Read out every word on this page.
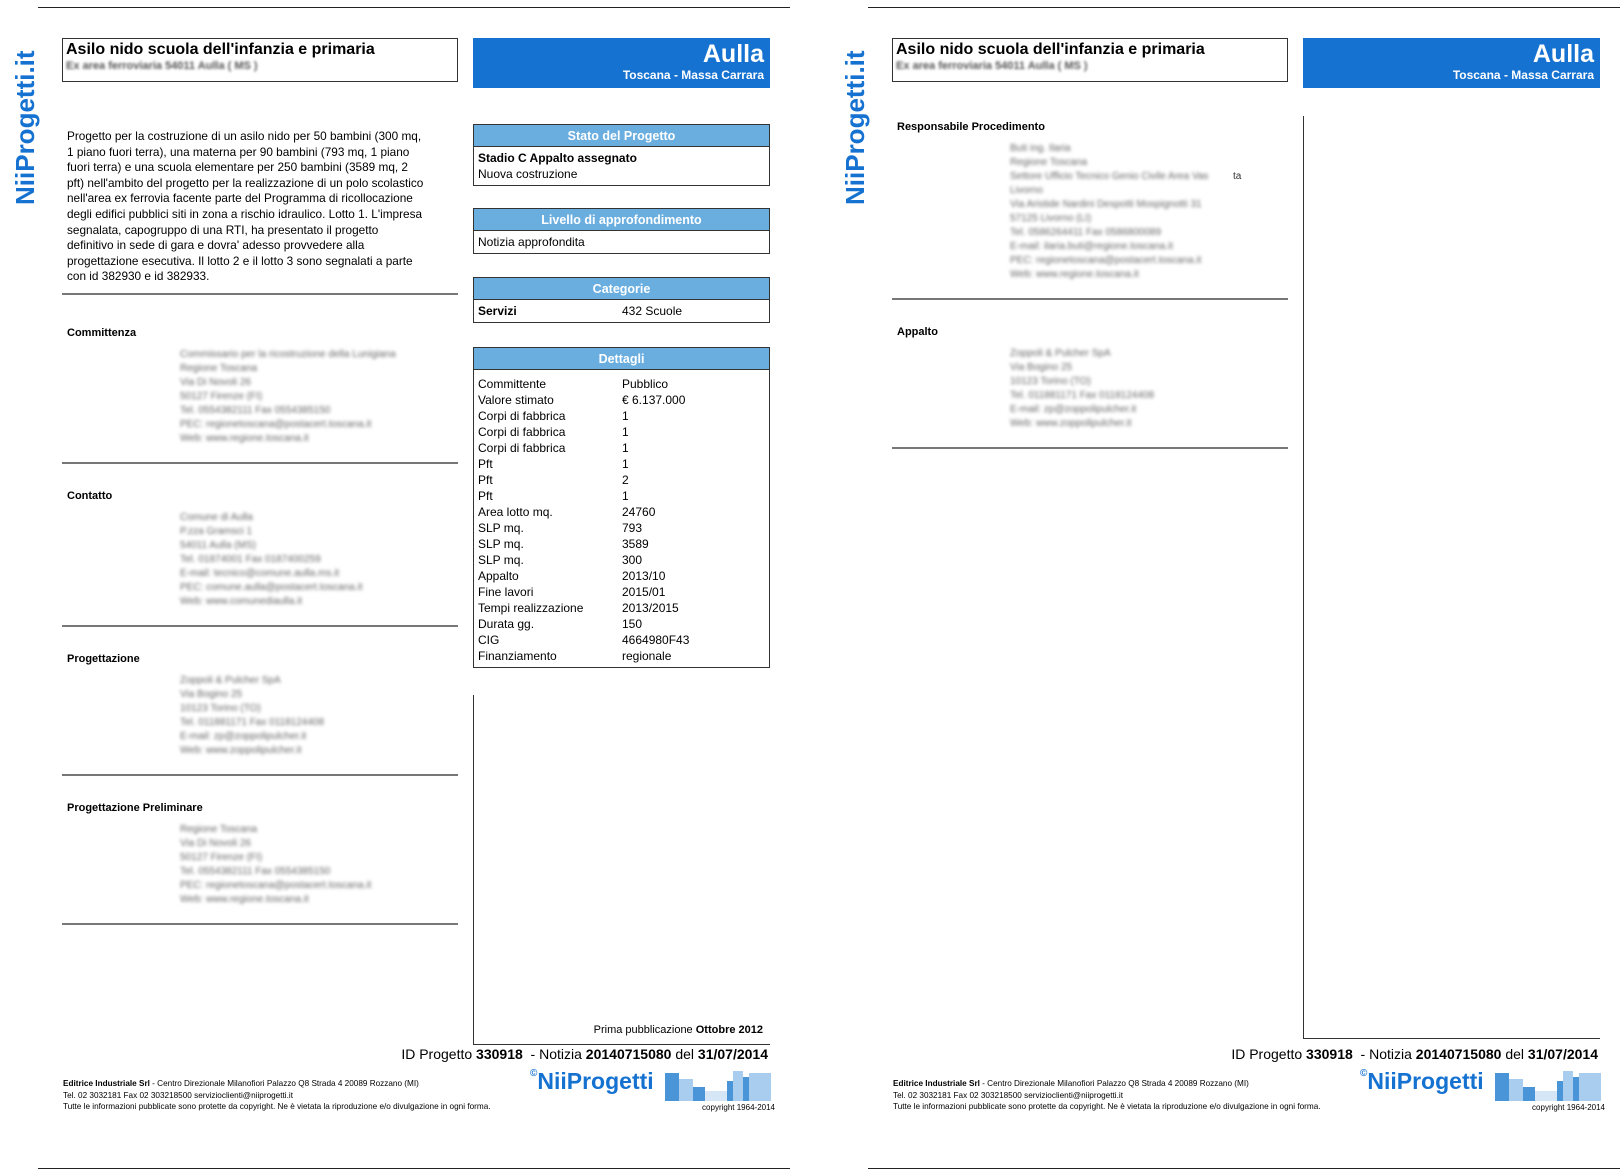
NiiProgetti.it
Asilo nido scuola dell'infanzia e primaria
Ex area ferroviaria 54011 Aulla ( MS )	Aulla
Toscana - Massa Carrara
Progetto per la costruzione di un asilo nido per 50 bambini (300 mq,
1 piano fuori terra), una materna per 90 bambini (793 mq, 1 piano
fuori terra) e una scuola elementare per 250 bambini (3589 mq, 2
pft) nell'ambito del progetto per la realizzazione di un polo scolastico
nell'area ex ferrovia facente parte del Programma di ricollocazione
degli edifici pubblici siti in zona a rischio idraulico. Lotto 1. L'impresa
segnalata, capogruppo di una RTI, ha presentato il progetto
definitivo in sede di gara e dovra' adesso provvedere alla
progettazione esecutiva. Il lotto 2 e il lotto 3 sono segnalati a parte
con id 382930 e id 382933.
Committenza
Commissario per la ricostruzione della Lunigiana
Regione Toscana
Via Di Novoli 26
50127 Firenze (FI)
Tel. 0554382111 Fax 0554385150
PEC: regionetoscana@postacert.toscana.it
Web: www.regione.toscana.it
Contatto
Comune di Aulla
P.zza Gramsci 1
54011 Aulla (MS)
Tel. 01874001 Fax 0187400259
E-mail: tecnico@comune.aulla.ms.it
PEC: comune.aulla@postacert.toscana.it
Web: www.comunediaulla.it
Progettazione
Zoppoli & Pulcher SpA
Via Bogino 25
10123 Torino (TO)
Tel. 011881171 Fax 0118124408
E-mail: zp@zoppolipulcher.it
Web: www.zoppolipulcher.it
Progettazione Preliminare
Regione Toscana
Via Di Novoli 26
50127 Firenze (FI)
Tel. 0554382111 Fax 0554385150
PEC: regionetoscana@postacert.toscana.it
Web: www.regione.toscana.it
Stato del Progetto
Stadio C Appalto assegnato
Nuova costruzione
Livello di approfondimento
Notizia approfondita
Categorie
Servizi	432 Scuole
Dettagli
Committente	Pubblico
Valore stimato	€ 6.137.000
Corpi di fabbrica	1
Corpi di fabbrica	1
Corpi di fabbrica	1
Pft	1
Pft	2
Pft	1
Area lotto mq.	24760
SLP mq.	793
SLP mq.	3589
SLP mq.	300
Appalto	2013/10
Fine lavori	2015/01
Tempi realizzazione	2013/2015
Durata gg.	150
CIG	4664980F43
Finanziamento	regionale
Prima pubblicazione Ottobre 2012
ID Progetto 330918 - Notizia 20140715080 del 31/07/2014
Editrice Industriale Srl - Centro Direzionale Milanofiori Palazzo Q8 Strada 4 20089 Rozzano (MI)
Tel. 02 3032181 Fax 02 303218500 servizioclienti@niiprogetti.it
Tutte le informazioni pubblicate sono protette da copyright. Ne è vietata la riproduzione e/o divulgazione in ogni forma.
©NiiProgetti
copyright 1964-2014
NiiProgetti.it
Asilo nido scuola dell'infanzia e primaria
Ex area ferroviaria 54011 Aulla ( MS )	Aulla
Toscana - Massa Carrara
Responsabile Procedimento
Buti ing. Ilaria
Regione Toscana
Settore Ufficio Tecnico Genio Civile Area Vas
Livorno
Via Aristide Nardini Despotti Mospignotti 31
57125 Livorno (LI)
Tel. 0586264411 Fax 0586800089
E-mail: ilaria.buti@regione.toscana.it
PEC: regionetoscana@postacert.toscana.it
Web: www.regione.toscana.it
ta
Appalto
Zoppoli & Pulcher SpA
Via Bogino 25
10123 Torino (TO)
Tel. 011881171 Fax 0118124408
E-mail: zp@zoppolipulcher.it
Web: www.zoppolipulcher.it
ID Progetto 330918 - Notizia 20140715080 del 31/07/2014
Editrice Industriale Srl - Centro Direzionale Milanofiori Palazzo Q8 Strada 4 20089 Rozzano (MI)
Tel. 02 3032181 Fax 02 303218500 servizioclienti@niiprogetti.it
Tutte le informazioni pubblicate sono protette da copyright. Ne è vietata la riproduzione e/o divulgazione in ogni forma.
©NiiProgetti
copyright 1964-2014
